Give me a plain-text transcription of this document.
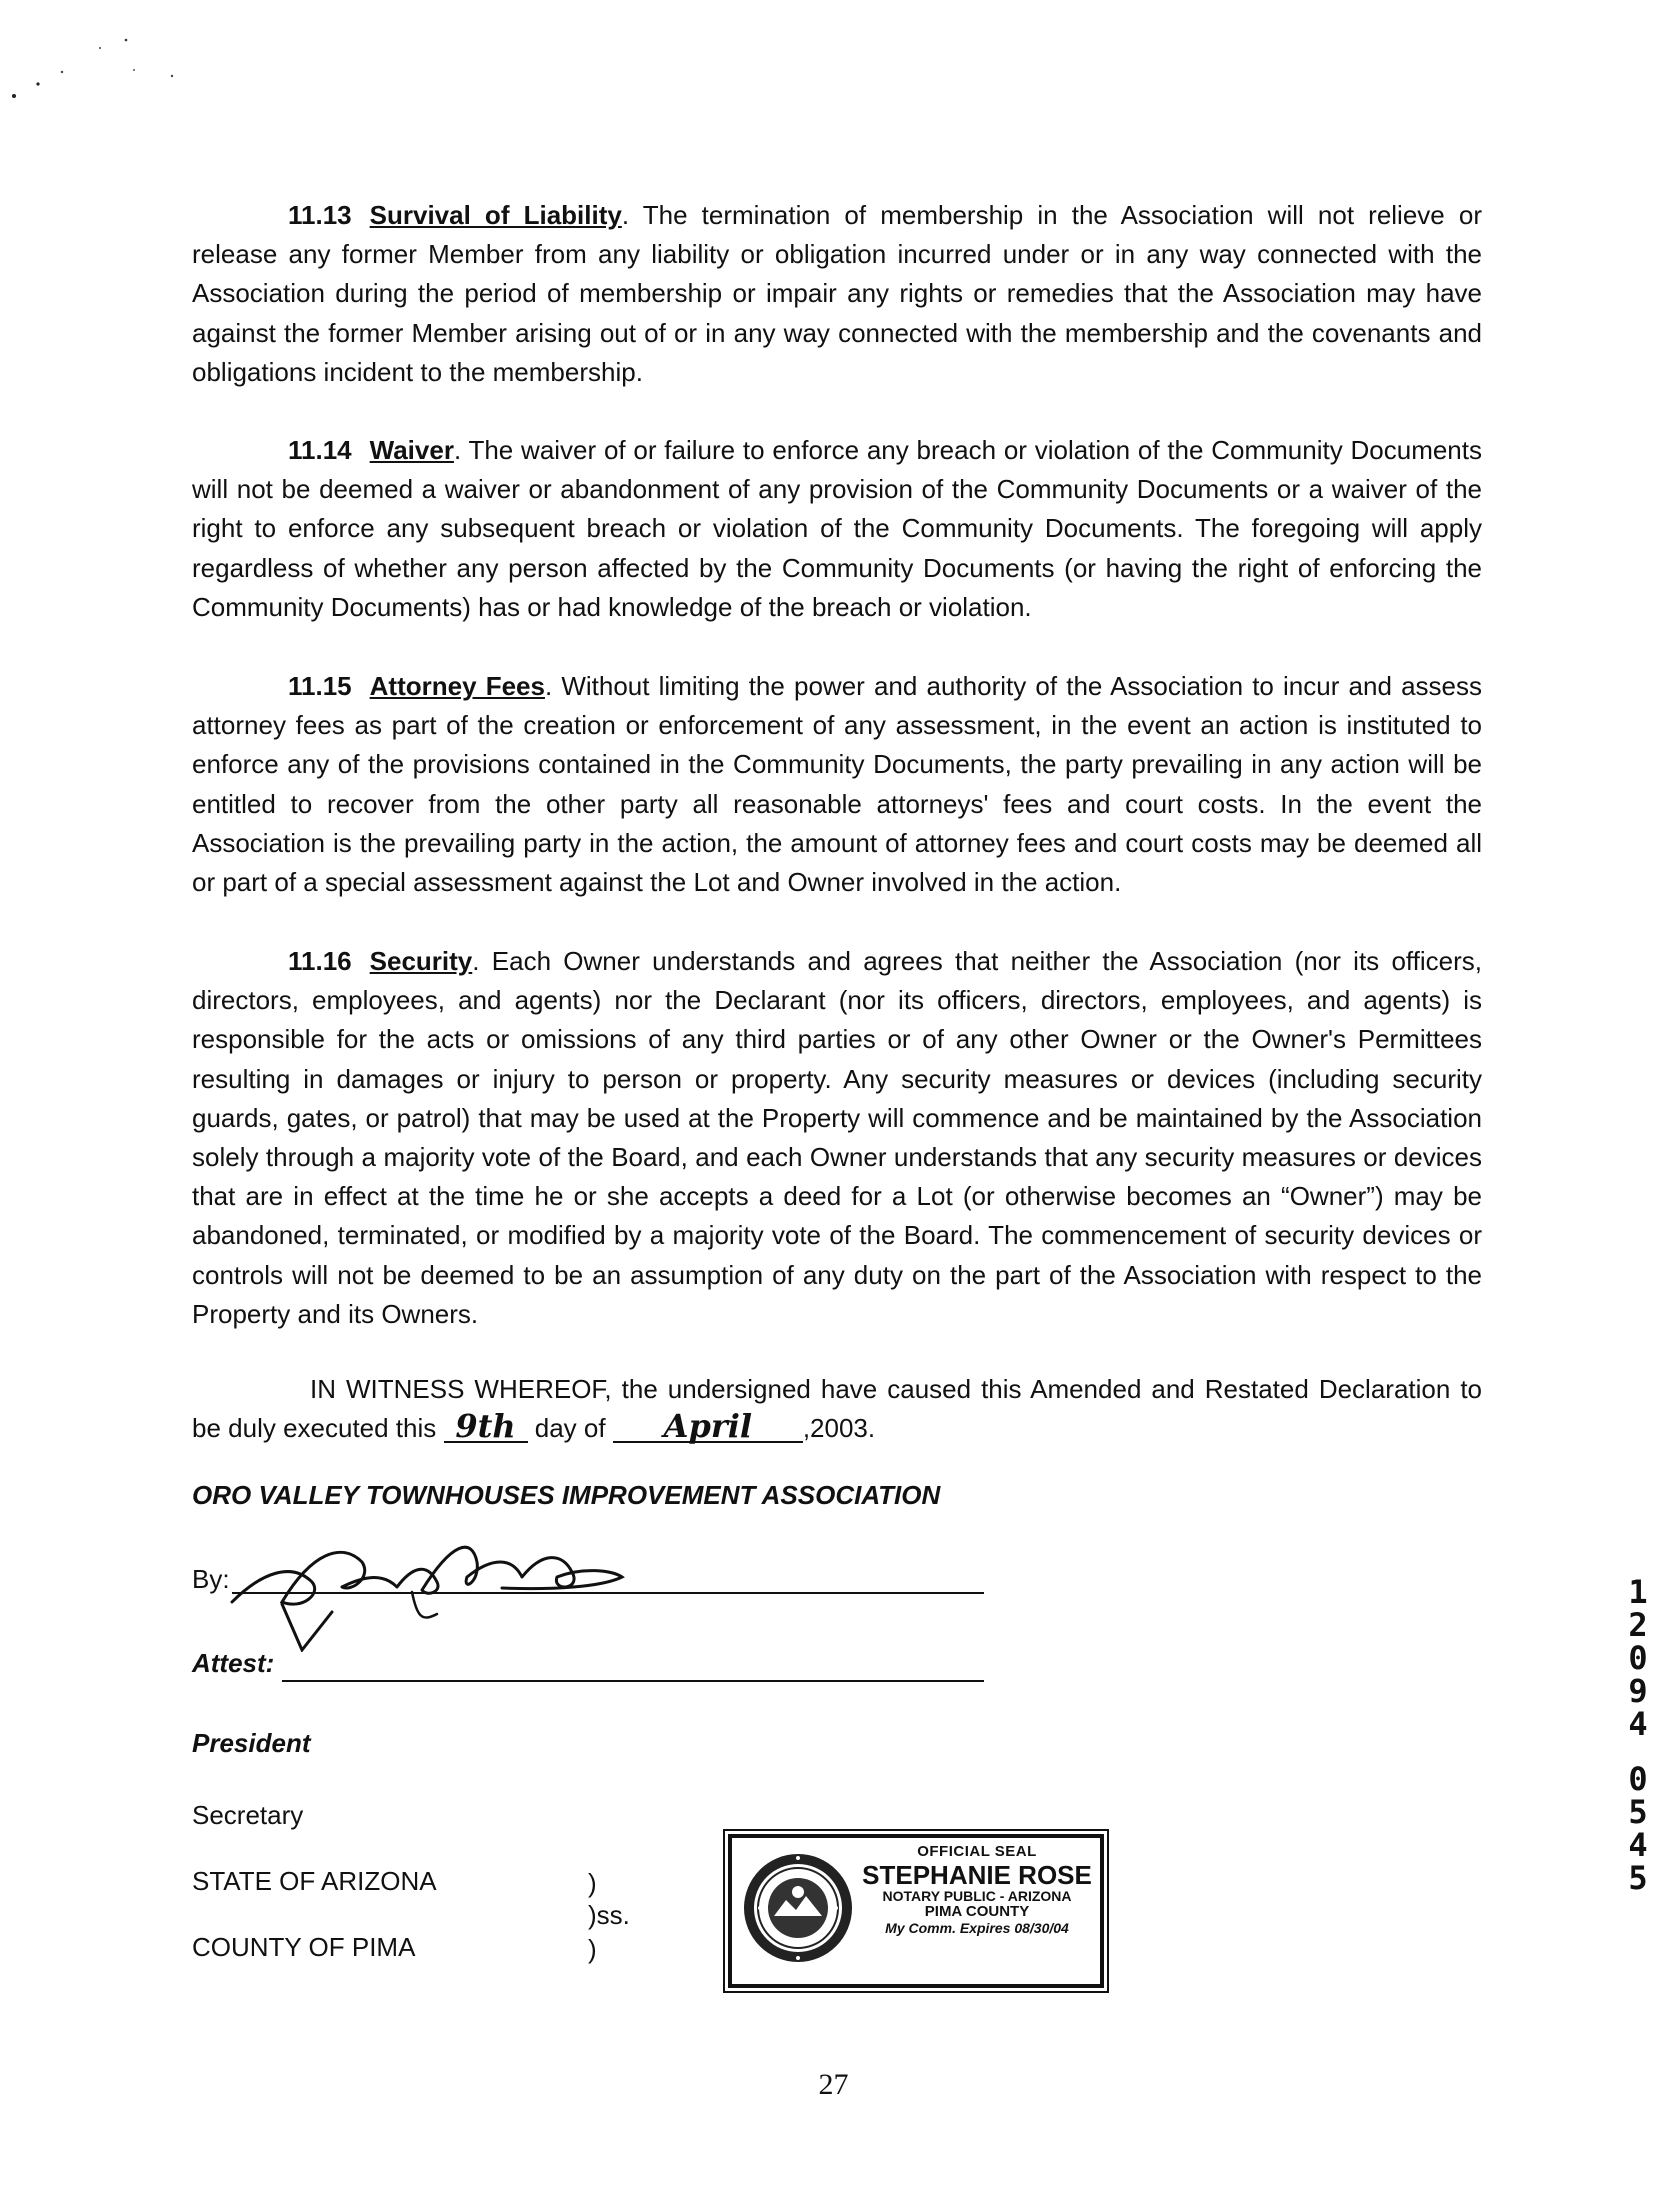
11.13 Survival of Liability. The termination of membership in the Association will not relieve or release any former Member from any liability or obligation incurred under or in any way connected with the Association during the period of membership or impair any rights or remedies that the Association may have against the former Member arising out of or in any way connected with the membership and the covenants and obligations incident to the membership.

11.14 Waiver. The waiver of or failure to enforce any breach or violation of the Community Documents will not be deemed a waiver or abandonment of any provision of the Community Documents or a waiver of the right to enforce any subsequent breach or violation of the Community Documents. The foregoing will apply regardless of whether any person affected by the Community Documents (or having the right of enforcing the Community Documents) has or had knowledge of the breach or violation.

11.15 Attorney Fees. Without limiting the power and authority of the Association to incur and assess attorney fees as part of the creation or enforcement of any assessment, in the event an action is instituted to enforce any of the provisions contained in the Community Documents, the party prevailing in any action will be entitled to recover from the other party all reasonable attorneys' fees and court costs. In the event the Association is the prevailing party in the action, the amount of attorney fees and court costs may be deemed all or part of a special assessment against the Lot and Owner involved in the action.

11.16 Security. Each Owner understands and agrees that neither the Association (nor its officers, directors, employees, and agents) nor the Declarant (nor its officers, directors, employees, and agents) is responsible for the acts or omissions of any third parties or of any other Owner or the Owner's Permittees resulting in damages or injury to person or property. Any security measures or devices (including security guards, gates, or patrol) that may be used at the Property will commence and be maintained by the Association solely through a majority vote of the Board, and each Owner understands that any security measures or devices that are in effect at the time he or she accepts a deed for a Lot (or otherwise becomes an “Owner”) may be abandoned, terminated, or modified by a majority vote of the Board. The commencement of security devices or controls will not be deemed to be an assumption of any duty on the part of the Association with respect to the Property and its Owners.

IN WITNESS WHEREOF, the undersigned have caused this Amended and Restated Declaration to be duly executed this 9th day of April ,2003.

ORO VALLEY TOWNHOUSES IMPROVEMENT ASSOCIATION
By:
Attest:
President
Secretary
STATE OF ARIZONA
COUNTY OF PIMA
)
)ss.
)
OFFICIAL SEAL
STEPHANIE ROSE
NOTARY PUBLIC - ARIZONA
PIMA COUNTY
My Comm. Expires 08/30/04
27
1
2
0
9
4
0
5
4
5
